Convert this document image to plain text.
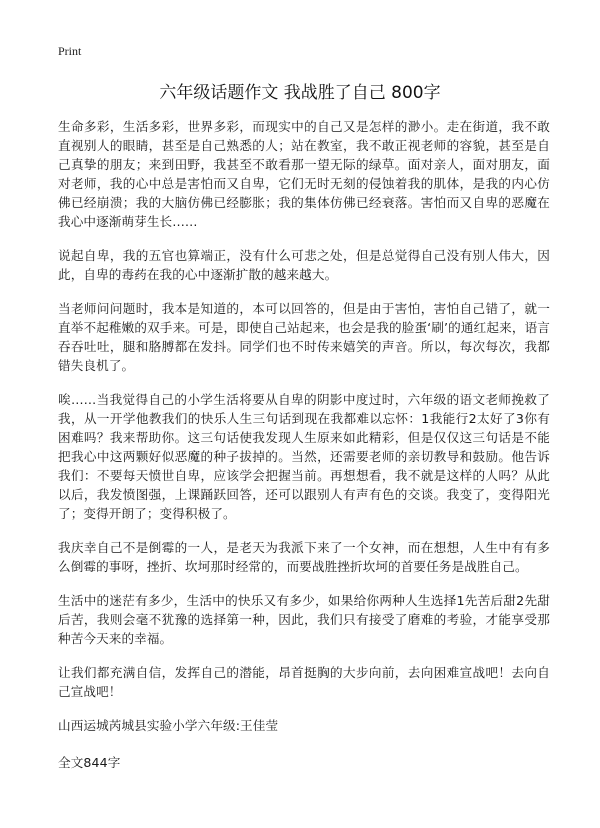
Print
六年级话题作文 我战胜了自己 800字

生命多彩，生活多彩，世界多彩，而现实中的自己又是怎样的渺小。走在街道，我不敢直视别人的眼睛，甚至是自己熟悉的人；站在教室，我不敢正视老师的容貌，甚至是自己真挚的朋友；来到田野，我甚至不敢看那一望无际的绿草。面对亲人，面对朋友，面对老师，我的心中总是害怕而又自卑，它们无时无刻的侵蚀着我的肌体，是我的内心仿佛已经崩溃；我的大脑仿佛已经膨胀；我的集体仿佛已经衰落。害怕而又自卑的恶魔在我心中逐渐萌芽生长……

说起自卑，我的五官也算端正，没有什么可悲之处，但是总觉得自己没有别人伟大，因此，自卑的毒药在我的心中逐渐扩散的越来越大。

当老师问问题时，我本是知道的，本可以回答的，但是由于害怕，害怕自己错了，就一直举不起稚嫩的双手来。可是，即使自己站起来，也会是我的脸蛋‘刷’的通红起来，语言吞吞吐吐，腿和胳膊都在发抖。同学们也不时传来嬉笑的声音。所以，每次每次，我都错失良机了。

唉……当我觉得自己的小学生活将要从自卑的阴影中度过时，六年级的语文老师挽救了我，从一开学他教我们的快乐人生三句话到现在我都难以忘怀：1我能行2太好了3你有困难吗？我来帮助你。这三句话使我发现人生原来如此精彩，但是仅仅这三句话是不能把我心中这两颗好似恶魔的种子拔掉的。当然，还需要老师的亲切教导和鼓励。他告诉我们：不要每天愤世自卑，应该学会把握当前。再想想看，我不就是这样的人吗？从此以后，我发愤图强，上课踊跃回答，还可以跟别人有声有色的交谈。我变了，变得阳光了；变得开朗了；变得积极了。

我庆幸自己不是倒霉的一人，是老天为我派下来了一个女神，而在想想，人生中有有多么倒霉的事呀，挫折、坎坷那时经常的，而要战胜挫折坎坷的首要任务是战胜自己。

生活中的迷茫有多少，生活中的快乐又有多少，如果给你两种人生选择1先苦后甜2先甜后苦，我则会毫不犹豫的选择第一种，因此，我们只有接受了磨难的考验，才能享受那种苦今天来的幸福。

让我们都充满自信，发挥自己的潜能，昂首挺胸的大步向前，去向困难宣战吧！去向自己宣战吧！

山西运城芮城县实验小学六年级:王佳莹

全文844字
